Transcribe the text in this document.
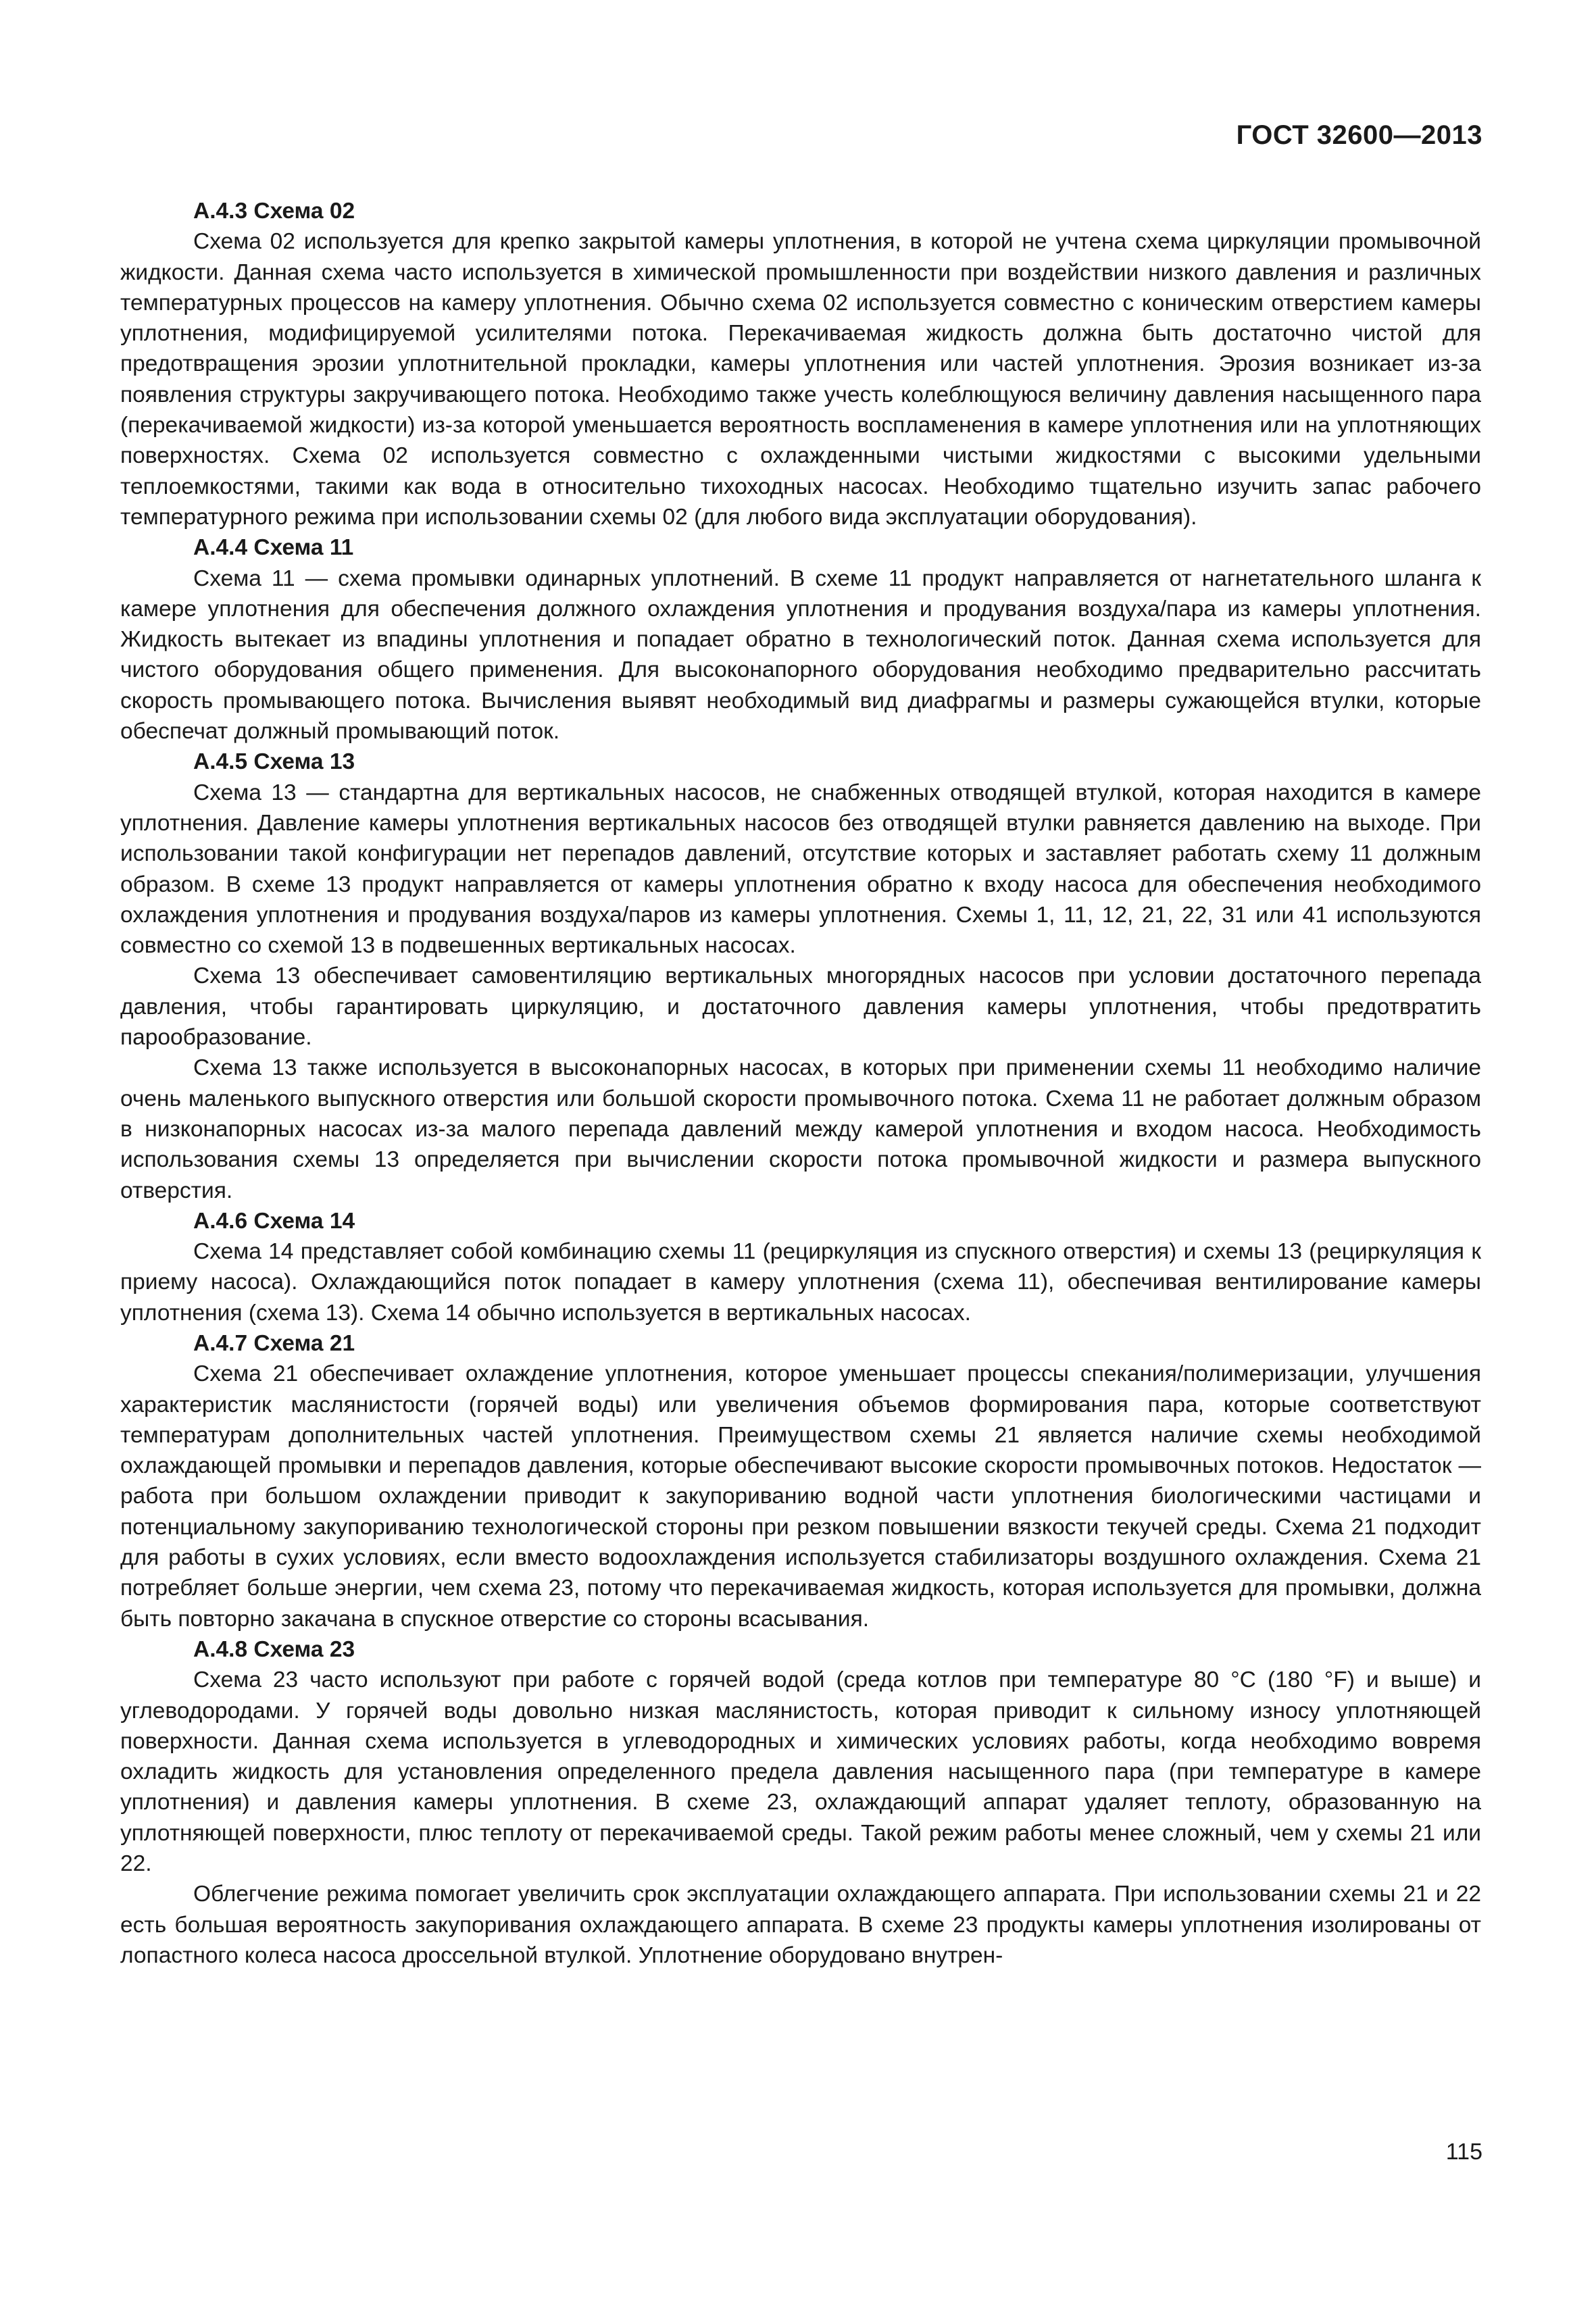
ГОСТ 32600—2013

А.4.3 Схема 02

Схема 02 используется для крепко закрытой камеры уплотнения, в которой не учтена схема циркуляции промывочной жидкости. Данная схема часто используется в химической промышленности при воздействии низкого давления и различных температурных процессов на камеру уплотнения. Обычно схема 02 используется совместно с коническим отверстием камеры уплотнения, модифицируемой усилителями потока. Перекачиваемая жидкость должна быть достаточно чистой для предотвращения эрозии уплотнительной прокладки, камеры уплотнения или частей уплотнения. Эрозия возникает из-за появления структуры закручивающего потока. Необходимо также учесть колеблющуюся величину давления насыщенного пара (перекачиваемой жидкости) из-за которой уменьшается вероятность воспламенения в камере уплотнения или на уплотняющих поверхностях. Схема 02 используется совместно с охлажденными чистыми жидкостями с высокими удельными теплоемкостями, такими как вода в относительно тихоходных насосах. Необходимо тщательно изучить запас рабочего температурного режима при использовании схемы 02 (для любого вида эксплуатации оборудования).

А.4.4 Схема 11

Схема 11 — схема промывки одинарных уплотнений. В схеме 11 продукт направляется от нагнетательного шланга к камере уплотнения для обеспечения должного охлаждения уплотнения и продувания воздуха/пара из камеры уплотнения. Жидкость вытекает из впадины уплотнения и попадает обратно в технологический поток. Данная схема используется для чистого оборудования общего применения. Для высоконапорного оборудования необходимо предварительно рассчитать скорость промывающего потока. Вычисления выявят необходимый вид диафрагмы и размеры сужающейся втулки, которые обеспечат должный промывающий поток.

А.4.5 Схема 13

Схема 13 — стандартна для вертикальных насосов, не снабженных отводящей втулкой, которая находится в камере уплотнения. Давление камеры уплотнения вертикальных насосов без отводящей втулки равняется давлению на выходе. При использовании такой конфигурации нет перепадов давлений, отсутствие которых и заставляет работать схему 11 должным образом. В схеме 13 продукт направляется от камеры уплотнения обратно к входу насоса для обеспечения необходимого охлаждения уплотнения и продувания воздуха/паров из камеры уплотнения. Схемы 1, 11, 12, 21, 22, 31 или 41 используются совместно со схемой 13 в подвешенных вертикальных насосах.

Схема 13 обеспечивает самовентиляцию вертикальных многорядных насосов при условии достаточного перепада давления, чтобы гарантировать циркуляцию, и достаточного давления камеры уплотнения, чтобы предотвратить парообразование.

Схема 13 также используется в высоконапорных насосах, в которых при применении схемы 11 необходимо наличие очень маленького выпускного отверстия или большой скорости промывочного потока. Схема 11 не работает должным образом в низконапорных насосах из-за малого перепада давлений между камерой уплотнения и входом насоса. Необходимость использования схемы 13 определяется при вычислении скорости потока промывочной жидкости и размера выпускного отверстия.

А.4.6 Схема 14

Схема 14 представляет собой комбинацию схемы 11 (рециркуляция из спускного отверстия) и схемы 13 (рециркуляция к приему насоса). Охлаждающийся поток попадает в камеру уплотнения (схема 11), обеспечивая вентилирование камеры уплотнения (схема 13). Схема 14 обычно используется в вертикальных насосах.

А.4.7 Схема 21

Схема 21 обеспечивает охлаждение уплотнения, которое уменьшает процессы спекания/полимеризации, улучшения характеристик маслянистости (горячей воды) или увеличения объемов формирования пара, которые соответствуют температурам дополнительных частей уплотнения. Преимуществом схемы 21 является наличие схемы необходимой охлаждающей промывки и перепадов давления, которые обеспечивают высокие скорости промывочных потоков. Недостаток — работа при большом охлаждении приводит к закупориванию водной части уплотнения биологическими частицами и потенциальному закупориванию технологической стороны при резком повышении вязкости текучей среды. Схема 21 подходит для работы в сухих условиях, если вместо водоохлаждения используется стабилизаторы воздушного охлаждения. Схема 21 потребляет больше энергии, чем схема 23, потому что перекачиваемая жидкость, которая используется для промывки, должна быть повторно закачана в спускное отверстие со стороны всасывания.

А.4.8 Схема 23

Схема 23 часто используют при работе с горячей водой (среда котлов при температуре 80 °С (180 °F) и выше) и углеводородами. У горячей воды довольно низкая маслянистость, которая приводит к сильному износу уплотняющей поверхности. Данная схема используется в углеводородных и химических условиях работы, когда необходимо вовремя охладить жидкость для установления определенного предела давления насыщенного пара (при температуре в камере уплотнения) и давления камеры уплотнения. В схеме 23, охлаждающий аппарат удаляет теплоту, образованную на уплотняющей поверхности, плюс теплоту от перекачиваемой среды. Такой режим работы менее сложный, чем у схемы 21 или 22.

Облегчение режима помогает увеличить срок эксплуатации охлаждающего аппарата. При использовании схемы 21 и 22 есть большая вероятность закупоривания охлаждающего аппарата. В схеме 23 продукты камеры уплотнения изолированы от лопастного колеса насоса дроссельной втулкой. Уплотнение оборудовано внутрен-

115
